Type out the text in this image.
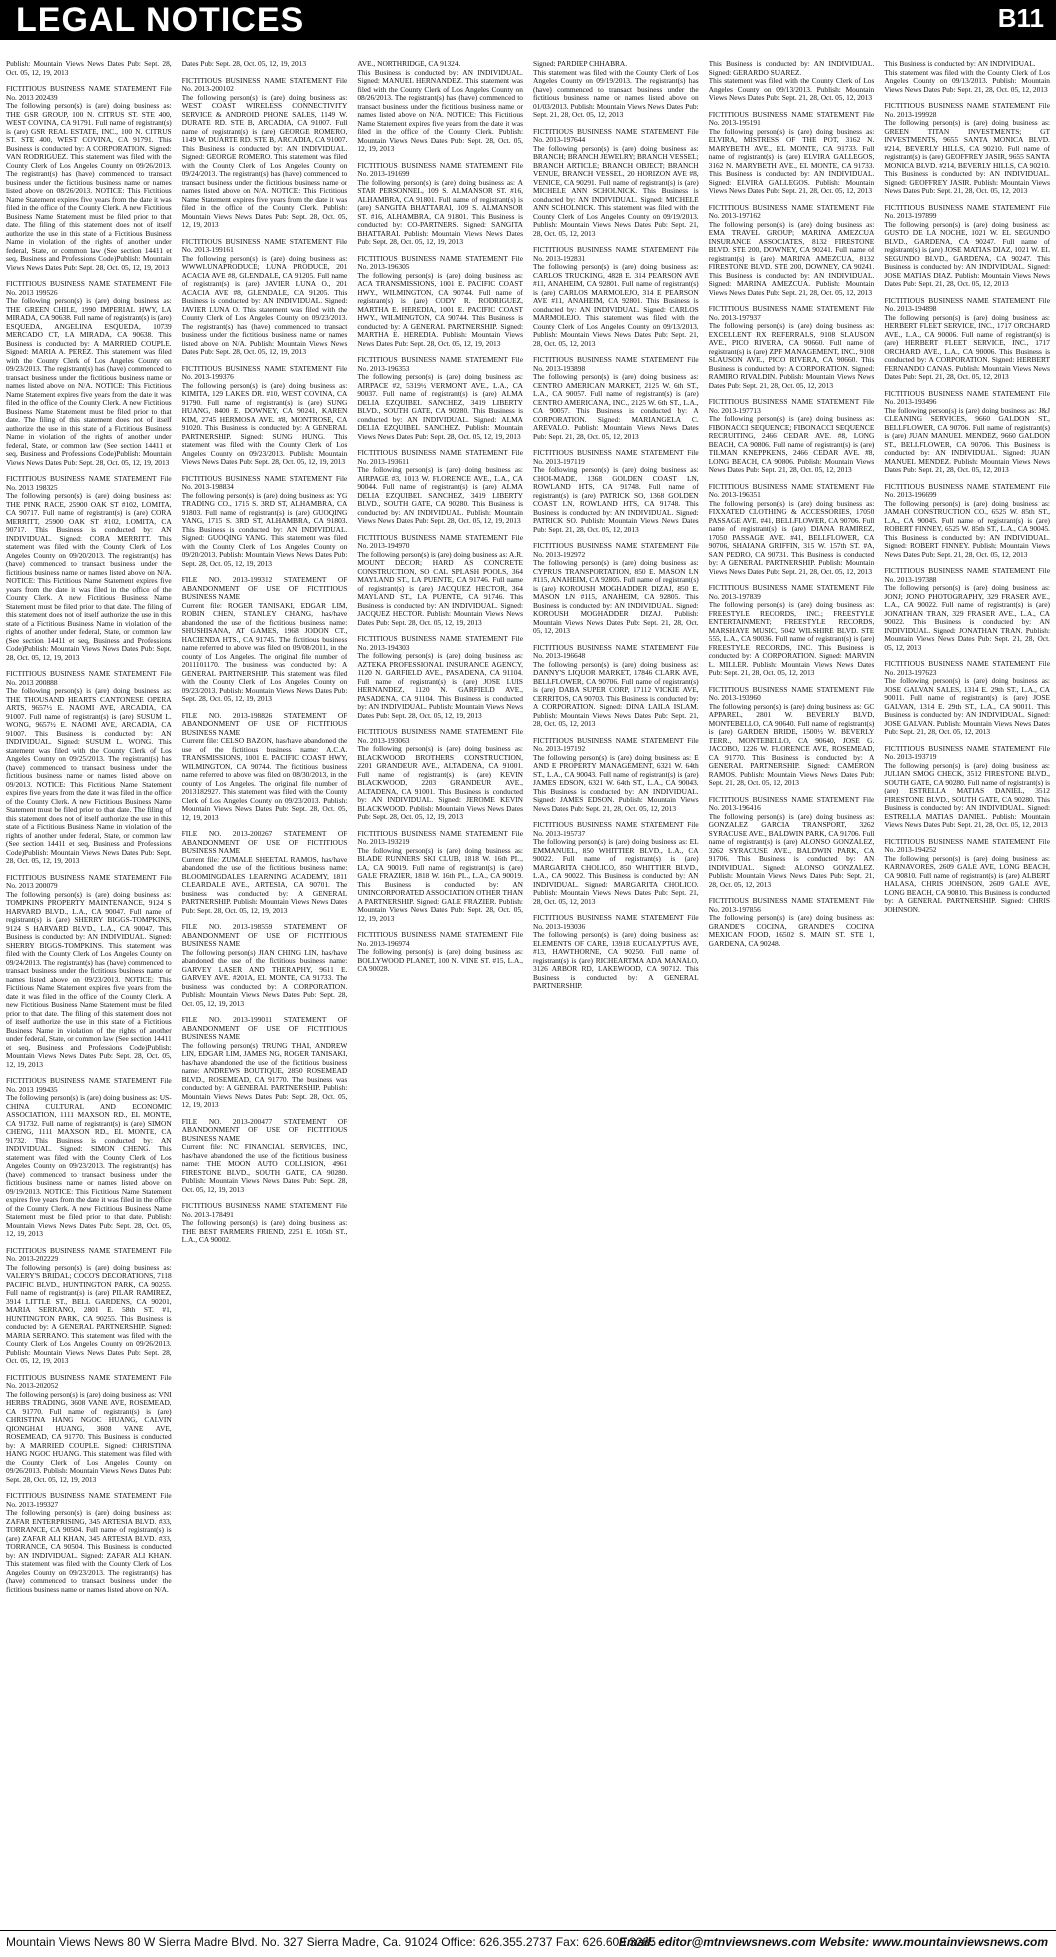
LEGAL NOTICES	B11
Mountain Views News Saturday, October 12, 2013
Publish: Mountain Views News Dates Pub: Sept. 28, Oct. 05, 12, 19, 2013
FICTITIOUS BUSINESS NAME STATEMENT File No. 2013 202439

The following person(s) is (are) doing business as: THE GSR GROUP, 100 N. CITRUS ST. STE 400, WEST COVINA, CA 91791. Full name of registrant(s) is (are) GSR REAL ESTATE, INC., 100 N. CITRUS ST. STE 400, WEST COVINA, CA 91791. This Business is conducted by: A CORPORATION. Signed: VAN RODRIGUEZ. This statement was filed with the County Clerk of Los Angeles County on 09/26/2013. The registrant(s) has (have) commenced to transact business under the fictitious business name or names listed above on 08/26/2013. NOTICE: This Fictitious Name Statement expires five years from the date it was filed in the office of the County Clerk. A new Fictitious Business Name Statement must be filed prior to that date. The filing of this statement does not of itself authorize the use in this state of a Fictitious Business Name in violation of the rights of another under federal, State, or common law (See section 14411 et seq, Business and Professions Code)Publish: Mountain Views News Dates Pub: Sept. 28, Oct. 05, 12, 19, 2013

FICTITIOUS BUSINESS NAME STATEMENT File No. 2013 199526

The following person(s) is (are) doing business as: THE GREEN CHILE, 1990 IMPERIAL HWY, LA MIRADA, CA 90638. Full name of registrant(s) is (are) ESQUEDA, ANGELINA ESQUEDA, 10739 MERCADO CT, LA MIRADA, CA 90638. This Business is conducted by: A MARRIED COUPLE. Signed: MARIA A. PEREZ. This statement was filed with the County Clerk of Los Angeles County on 09/23/2013. The registrant(s) has (have) commenced to transact business under the fictitious business name or names listed above on N/A. NOTICE: This Fictitious Name Statement expires five years from the date it was filed in the office of the County Clerk. A new Fictitious Business Name Statement must be filed prior to that date. The filing of this statement does not of itself authorize the use in this state of a Fictitious Business Name in violation of the rights of another under federal, State, or common law (See section 14411 et seq, Business and Professions Code)Publish: Mountain Views News Dates Pub: Sept. 28, Oct. 05, 12, 19, 2013

FICTITIOUS BUSINESS NAME STATEMENT File No. 2013 198325

The following person(s) is (are) doing business as: THE PINK RACE, 25900 OAK ST #102, LOMITA, CA 90717. Full name of registrant(s) is (are) CORA MERRITT, 25900 OAK ST #102, LOMITA, CA 90717. This Business is conducted by: AN INDIVIDUAL. Signed: CORA MERRITT. This statement was filed with the County Clerk of Los Angeles County on 09/20/2013. The registrant(s) has (have) commenced to transact business under the fictitious business name or names listed above on N/A. NOTICE: This Fictitious Name Statement expires five years from the date it was filed in the office of the County Clerk. A new Fictitious Business Name Statement must be filed prior to that date. The filing of this statement does not of itself authorize the use in this state of a Fictitious Business Name in violation of the rights of another under federal, State, or common law (See section 14411 et seq, Business and Professions Code)Publish: Mountain Views News Dates Pub: Sept. 28, Oct. 05, 12, 19, 2013

FICTITIOUS BUSINESS NAME STATEMENT File No. 2013 200888

The following person(s) is (are) doing business as: THE THOUSAND HEARTS CANTONESE OPERA ARTS, 9657½ E. NAOMI AVE, ARCADIA, CA 91007. Full name of registrant(s) is (are) SUSUM L. WONG, 9657½ E. NAOMI AVE, ARCADIA, CA 91007. This Business is conducted by: AN INDIVIDUAL. Signed: SUSUM L. WONG. This statement was filed with the County Clerk of Los Angeles County on 09/25/2013. The registrant(s) has (have) commenced to transact business under the fictitious business name or names listed above on 09/2013. NOTICE: This Fictitious Name Statement expires five years from the date it was filed in the office of the County Clerk. A new Fictitious Business Name Statement must be filed prior to that date. The filing of this statement does not of itself authorize the use in this state of a Fictitious Business Name in violation of the rights of another under federal, State, or common law (See section 14411 et seq, Business and Professions Code)Publish: Mountain Views News Dates Pub: Sept. 28, Oct. 05, 12, 19, 2013

FICTITIOUS BUSINESS NAME STATEMENT File No. 2013 200079

The following person(s) is (are) doing business as: TOMPKINS PROPERTY MAINTENANCE, 9124 S HARVARD BLVD., L.A., CA 90047. Full name of registrant(s) is (are) SHERRY BIGGS-TOMPKINS, 9124 S HARVARD BLVD., L.A., CA 90047. This Business is conducted by: AN INDIVIDUAL. Signed: SHERRY BIGGS-TOMPKINS. This statement was filed with the County Clerk of Los Angeles County on 09/24/2013. The registrant(s) has (have) commenced to transact business under the fictitious business name or names listed above on 09/23/2013. NOTICE: This Fictitious Name Statement expires five years from the date it was filed in the office of the County Clerk. A new Fictitious Business Name Statement must be filed prior to that date. The filing of this statement does not of itself authorize the use in this state of a Fictitious Business Name in violation of the rights of another under federal, State, or common law (See section 14411 et seq, Business and Professions Code)Publish: Mountain Views News Dates Pub: Sept. 28, Oct. 05, 12, 19, 2013

FICTITIOUS BUSINESS NAME STATEMENT File No. 2013 199435

The following person(s) is (are) doing business as: US-CHINA CULTURAL AND ECONOMIC ASSOCIATION, 1111 MAXSON RD., EL MONTE, CA 91732. Full name of registrant(s) is (are) SIMON CHENG, 1111 MAXSON RD., EL MONTE, CA 91732. This Business is conducted by: AN INDIVIDUAL. Signed: SIMON CHENG. This statement was filed with the County Clerk of Los Angeles County on 09/23/2013. The registrant(s) has (have) commenced to transact business under the fictitious business name or names listed above on 09/19/2013. NOTICE: This Fictitious Name Statement expires five years from the date it was filed in the office of the County Clerk. A new Fictitious Business Name Statement must be filed prior to that date. Publish: Mountain Views News Dates Pub: Sept. 28, Oct. 05, 12, 19, 2013

FICTITIOUS BUSINESS NAME STATEMENT File No. 2013-202229

The following person(s) is (are) doing business as: VALERY'S BRIDAL; COCO'S DECORATIONS, 7118 PACIFIC BLVD., HUNTINGTON PARK, CA 90255. Full name of registrant(s) is (are) PILAR RAMIREZ, 3914 LITTLE ST., BELL GARDENS, CA 90201, MARIA SERRANO, 2801 E. 58th ST. #1, HUNTINGTON PARK, CA 90255. This Business is conducted by: A GENERAL PARTNERSHIP. Signed: MARIA SERRANO. This statement was filed with the County Clerk of Los Angeles County on 09/26/2013. Publish: Mountain Views News Dates Pub: Sept. 28, Oct. 05, 12, 19, 2013

FICTITIOUS BUSINESS NAME STATEMENT File No. 2013-202052

The following person(s) is (are) doing business as: VNI HERBS TRADING, 3608 VANE AVE, ROSEMEAD, CA 91770. Full name of registrant(s) is (are) CHRISTINA HANG NGOC HUANG, CALVIN QIONGHAI HUANG, 3608 VANE AVE, ROSEMEAD, CA 91770. This Business is conducted by: A MARRIED COUPLE. Signed: CHRISTINA HANG NGOC HUANG. This statement was filed with the County Clerk of Los Angeles County on 09/26/2013. Publish: Mountain Views News Dates Pub: Sept. 28, Oct. 05, 12, 19, 2013

FICTITIOUS BUSINESS NAME STATEMENT File No. 2013-199327

The following person(s) is (are) doing business as: ZAFAR ENTERPRISING, 345 ARTESIA BLVD. #33, TORRANCE, CA 90504. Full name of registrant(s) is (are) ZAFAR ALI KHAN, 345 ARTESIA BLVD. #33, TORRANCE, CA 90504. This Business is conducted by: AN INDIVIDUAL. Signed: ZAFAR ALI KHAN. This statement was filed with the County Clerk of Los Angeles County on 09/23/2013. The registrant(s) has (have) commenced to transact business under the fictitious business name or names listed above on N/A.

Dates Pub: Sept. 28, Oct. 05, 12, 19, 2013
FICTITIOUS BUSINESS NAME STATEMENT File No. 2013-200102

The following person(s) is (are) doing business as: WEST COAST WIRELESS CONNECTIVITY SERVICE & ANDROID PHONE SALES, 1149 W. DURATE RD. STE B, ARCADIA, CA 91007. Full name of registrant(s) is (are) GEORGE ROMERO, 1149 W. DUARTE RD. STE B, ARCADIA, CA 91007. This Business is conducted by: AN INDIVIDUAL. Signed: GEORGE ROMERO. This statement was filed with the County Clerk of Los Angeles County on 09/24/2013. The registrant(s) has (have) commenced to transact business under the fictitious business name or names listed above on N/A. NOTICE: This Fictitious Name Statement expires five years from the date it was filed in the office of the County Clerk. Publish: Mountain Views News Dates Pub: Sept. 28, Oct. 05, 12, 19, 2013

FICTITIOUS BUSINESS NAME STATEMENT File No. 2013-199161

The following person(s) is (are) doing business as: WWWLUNAPRODUCE; LUNA PRODUCE, 201 ACACIA AVE #8, GLENDALE, CA 91205. Full name of registrant(s) is (are) JAVIER LUNA O., 201 ACACIA AVE #8, GLENDALE, CA 91205. This Business is conducted by: AN INDIVIDUAL. Signed: JAVIER LUNA O. This statement was filed with the County Clerk of Los Angeles County on 09/23/2013. The registrant(s) has (have) commenced to transact business under the fictitious business name or names listed above on N/A. Publish: Mountain Views News Dates Pub: Sept. 28, Oct. 05, 12, 19, 2013

FICTITIOUS BUSINESS NAME STATEMENT File No. 2013-199376

The following person(s) is (are) doing business as: KIMITA, 129 LAKES DR. #10, WEST COVINA, CA 91790. Full name of registrant(s) is (are) SUNG HUANG, 8400 E. DOWNEY, CA 90241, KAREN KIM, 2745 HERMOSA AVE. #8, MONTROSE, CA 91020. This Business is conducted by: A GENERAL PARTNERSHIP. Signed: SUNG HUNG. This statement was filed with the County Clerk of Los Angeles County on 09/23/2013. Publish: Mountain Views News Dates Pub: Sept. 28, Oct. 05, 12, 19, 2013

FICTITIOUS BUSINESS NAME STATEMENT File No. 2013-198834

The following person(s) is (are) doing business as: YG TRADING CO., 1715 S. 3RD ST, ALHAMBRA, CA 91803. Full name of registrant(s) is (are) GUOQING YANG, 1715 S. 3RD ST, ALHAMBRA, CA 91803. This Business is conducted by: AN INDIVIDUAL. Signed: GUOQING YANG. This statement was filed with the County Clerk of Los Angeles County on 09/20/2013. Publish: Mountain Views News Dates Pub: Sept. 28, Oct. 05, 12, 19, 2013

FILE NO. 2013-199312 STATEMENT OF ABANDONMENT OF USE OF FICTITIOUS BUSINESS NAME

Current file: ROGER TANISAKI, EDGAR LIM, ROBIN CHEN, STANLEY CHANG, has/have abandoned the use of the fictitious business name: SHUSHISANA, AT GAMES, 1968 JODON CT., HACIENDA HTS., CA 91745. The fictitious business name referred to above was filed on 09/08/2011, in the county of Los Angeles. The original file number of 2011101170. The business was conducted by: A GENERAL PARTNERSHIP. This statement was filed with the County Clerk of Los Angeles County on 09/23/2013. Publish: Mountain Views News Dates Pub: Sept. 28, Oct. 05, 12, 19, 2013

FILE NO. 2013-198826 STATEMENT OF ABANDONMENT OF USE OF FICTITIOUS BUSINESS NAME

Current file: CELSO BAZON, has/have abandoned the use of the fictitious business name: A.C.A. TRANSMISSIONS, 1001 E. PACIFIC COAST HWY, WILMINGTON, CA 90744. The fictitious business name referred to above was filed on 08/30/2013, in the county of Los Angeles. The original file number of 2013182927. This statement was filed with the County Clerk of Los Angeles County on 09/23/2013. Publish: Mountain Views News Dates Pub: Sept. 28, Oct. 05, 12, 19, 2013

FILE NO. 2013-200267 STATEMENT OF ABANDONMENT OF USE OF FICTITIOUS BUSINESS NAME

Current file: ZUMALE SHEETAL RAMOS, has/have abandoned the use of the fictitious business name: BLOOMINGDALES LEARNING ACADEMY, 1811 CLEARDALE AVE., ARTESIA, CA 90701. The business was conducted by: A GENERAL PARTNERSHIP. Publish: Mountain Views News Dates Pub: Sept. 28, Oct. 05, 12, 19, 2013

FILE NO. 2013-198559 STATEMENT OF ABANDONMENT OF USE OF FICTITIOUS BUSINESS NAME

The following person(s) JIAN CHING LIN, has/have abandoned the use of the fictitious business name: GARVEY LASER AND THERAPHY, 9611 E. GARVEY AVE. #201A, EL MONTE, CA 91733. The business was conducted by: A CORPORATION. Publish: Mountain Views News Dates Pub: Sept. 28, Oct. 05, 12, 19, 2013

FILE NO. 2013-199011 STATEMENT OF ABANDONMENT OF USE OF FICTITIOUS BUSINESS NAME

The following person(s) TRUNG THAI, ANDREW LIN, EDGAR LIM, JAMES NG, ROGER TANISAKI, has/have abandoned the use of the fictitious business name: ANDREWS BOUTIQUE, 2850 ROSEMEAD BLVD., ROSEMEAD, CA 91770. The business was conducted by: A GENERAL PARTNERSHIP. Publish: Mountain Views News Dates Pub: Sept. 28, Oct. 05, 12, 19, 2013

FILE NO. 2013-200477 STATEMENT OF ABANDONMENT OF USE OF FICTITIOUS BUSINESS NAME

Current file: NC FINANCIAL SERVICES, INC, has/have abandoned the use of the fictitious business name: THE MOON AUTO COLLISION, 4961 FIRESTONE BLVD., SOUTH GATE, CA 90280. Publish: Mountain Views News Dates Pub: Sept. 28, Oct. 05, 12, 19, 2013

FICTITIOUS BUSINESS NAME STATEMENT File No. 2013-178491

The following person(s) is (are) doing business as: THE BEST FARMERS FRIEND, 2251 E. 105th ST., L.A., CA 90002.

AVE., NORTHRIDGE, CA 91324.

This Business is conducted by: AN INDIVIDUAL. Signed: MANUEL HERNANDEZ. This statement was filed with the County Clerk of Los Angeles County on 08/26/2013. The registrant(s) has (have) commenced to transact business under the fictitious business name or names listed above on N/A. NOTICE: This Fictitious Name Statement expires five years from the date it was filed in the office of the County Clerk. Publish: Mountain Views News Dates Pub: Sept. 28, Oct. 05, 12, 19, 2013

FICTITIOUS BUSINESS NAME STATEMENT File No. 2013-191699

The following person(s) is (are) doing business as: A STAR PERSONNEL, 109 S. ALMANSOR ST. #16, ALHAMBRA, CA 91801. Full name of registrant(s) is (are) SANGITA BHATTARAI, 109 S. ALMANSOR ST. #16, ALHAMBRA, CA 91801. This Business is conducted by: CO-PARTNERS. Signed: SANGITA BHATTARAI. Publish: Mountain Views News Dates Pub: Sept. 28, Oct. 05, 12, 19, 2013

FICTITIOUS BUSINESS NAME STATEMENT File No. 2013-196305

The following person(s) is (are) doing business as: ACA TRANSMISSIONS, 1001 E. PACIFIC COAST HWY., WILMINGTON, CA 90744. Full name of registrant(s) is (are) CODY R. RODRIGUEZ, MARTHA E. HEREDIA, 1001 E. PACIFIC COAST HWY., WILMINGTON, CA 90744. This Business is conducted by: A GENERAL PARTNERSHIP. Signed: MARTHA E. HEREDIA. Publish: Mountain Views News Dates Pub: Sept. 28, Oct. 05, 12, 19, 2013

FICTITIOUS BUSINESS NAME STATEMENT File No. 2013-196353

The following person(s) is (are) doing business as: AIRPACE #2, 5319½ VERMONT AVE., L.A., CA 90037. Full name of registrant(s) is (are) ALMA DELIA EZQUIBEL SANCHEZ, 3419 LIBERTY BLVD., SOUTH GATE, CA 90280. This Business is conducted by: AN INDIVIDUAL. Signed: ALMA DELIA EZQUIBEL SANCHEZ. Publish: Mountain Views News Dates Pub: Sept. 28, Oct. 05, 12, 19, 2013

FICTITIOUS BUSINESS NAME STATEMENT File No. 2013-193611

The following person(s) is (are) doing business as: AIRPAGE #3, 1013 W. FLORENCE AVE., L.A., CA 90044. Full name of registrant(s) is (are) ALMA DELIA EZQUIBEL SANCHEZ, 3419 LIBERTY BLVD., SOUTH GATE, CA 90280. This Business is conducted by: AN INDIVIDUAL. Publish: Mountain Views News Dates Pub: Sept. 28, Oct. 05, 12, 19, 2013

FICTITIOUS BUSINESS NAME STATEMENT File No. 2013-194970

The following person(s) is (are) doing business as: A.R. MOUNT DECOR; HARD AS CONCRETE CONSTRUCTION, SO CAL SPLASH POOLS, 364 MAYLAND ST., LA PUENTE, CA 91746. Full name of registrant(s) is (are) JACQUEZ HECTOR, 364 MAYLAND ST., LA PUENTE, CA 91746. This Business is conducted by: AN INDIVIDUAL. Signed: JACQUEZ HECTOR. Publish: Mountain Views News Dates Pub: Sept. 28, Oct. 05, 12, 19, 2013

FICTITIOUS BUSINESS NAME STATEMENT File No. 2013-194303

The following person(s) is (are) doing business as: AZTEKA PROFESSIONAL INSURANCE AGENCY, 1120 N. GARFIELD AVE., PASADENA, CA 91104. Full name of registrant(s) is (are) JOSE LUIS HERNANDEZ, 1120 N. GARFIELD AVE., PASADENA, CA 91104. This Business is conducted by: AN INDIVIDUAL. Publish: Mountain Views News Dates Pub: Sept. 28, Oct. 05, 12, 19, 2013

FICTITIOUS BUSINESS NAME STATEMENT File No. 2013-193063

The following person(s) is (are) doing business as: BLACKWOOD BROTHERS CONSTRUCTION, 2201 GRANDEUR AVE., ALTADENA, CA 91001. Full name of registrant(s) is (are) KEVIN BLACKWOOD, 2203 GRANDEUR AVE., ALTADENA, CA 91001. This Business is conducted by: AN INDIVIDUAL. Signed: JEROME KEVIN BLACKWOOD. Publish: Mountain Views News Dates Pub: Sept. 28, Oct. 05, 12, 19, 2013

FICTITIOUS BUSINESS NAME STATEMENT File No. 2013-193219

The following person(s) is (are) doing business as: BLADE RUNNERS SKI CLUB, 1818 W. 16th PL., LA, CA 90019. Full name of registrant(s) is (are) GALE FRAZIER, 1818 W. 16th PL., L.A., CA 90019. This Business is conducted by: AN UNINCORPORATED ASSOCIATION OTHER THAN A PARTNERSHIP. Signed: GALE FRAZIER. Publish: Mountain Views News Dates Pub: Sept. 28, Oct. 05, 12, 19, 2013

FICTITIOUS BUSINESS NAME STATEMENT File No. 2013-196974

The following person(s) is (are) doing business as: BOLLYWOOD PLANET, 100 N. VINE ST. #15, L.A., CA 90028.

Signed: PARDIEP CHHABRA.

This statement was filed with the County Clerk of Los Angeles County on 09/19/2013. The registrant(s) has (have) commenced to transact business under the fictitious business name or names listed above on 01/03/2013. Publish: Mountain Views News Dates Pub: Sept. 21, 28, Oct. 05, 12, 2013

FICTITIOUS BUSINESS NAME STATEMENT File No. 2013-197644

The following person(s) is (are) doing business as: BRANCH; BRANCH JEWELRY; BRANCH VESSEL; BRANCH ARTICLE; BRANCH OBJECT; BRANCH VENUE, BRANCH VESSEL, 20 HORIZON AVE #8, VENICE, CA 90291. Full name of registrant(s) is (are) MICHELE ANN SCHOLNICK. This Business is conducted by: AN INDIVIDUAL. Signed: MICHELE ANN SCHOLNICK. This statement was filed with the County Clerk of Los Angeles County on 09/19/2013. Publish: Mountain Views News Dates Pub: Sept. 21, 28, Oct. 05, 12, 2013

FICTITIOUS BUSINESS NAME STATEMENT File No. 2013-192831

The following person(s) is (are) doing business as: CARLOS TRUCKING, 4828 E. 314 PEARSON AVE #11, ANAHEIM, CA 92801. Full name of registrant(s) is (are) CARLOS MARMOLEJO, 314 E PEARSON AVE #11, ANAHEIM, CA 92801. This Business is conducted by: AN INDIVIDUAL. Signed: CARLOS MARMOLEJO. This statement was filed with the County Clerk of Los Angeles County on 09/13/2013. Publish: Mountain Views News Dates Pub: Sept. 21, 28, Oct. 05, 12, 2013

FICTITIOUS BUSINESS NAME STATEMENT File No. 2013-193898

The following person(s) is (are) doing business as: CENTRO AMERICAN MARKET, 2125 W. 6th ST., L.A., CA 90057. Full name of registrant(s) is (are) CENTRO AMERICANA, INC., 2125 W. 6th ST., L.A., CA 90057. This Business is conducted by: A CORPORATION. Signed: MARIANGELA C. AREVALO. Publish: Mountain Views News Dates Pub: Sept. 21, 28, Oct. 05, 12, 2013

FICTITIOUS BUSINESS NAME STATEMENT File No. 2013-197119

The following person(s) is (are) doing business as: CHOI-MADE, 1368 GOLDEN COAST LN, ROWLAND HTS, CA 91748. Full name of registrant(s) is (are) PATRICK SO, 1368 GOLDEN COAST LN, ROWLAND HTS, CA 91748. This Business is conducted by: AN INDIVIDUAL. Signed: PATRICK SO. Publish: Mountain Views News Dates Pub: Sept. 21, 28, Oct. 05, 12, 2013

FICTITIOUS BUSINESS NAME STATEMENT File No. 2013-192972

The following person(s) is (are) doing business as: CYPRUS TRANSPORTATION, 850 E. MASON LN #115, ANAHEIM, CA 92805. Full name of registrant(s) is (are) KOROUSH MOGHADDER DIZAJ, 850 E. MASON LN #115, ANAHEIM, CA 92805. This Business is conducted by: AN INDIVIDUAL. Signed: KOROUSH MOGHADDER DIZAJ. Publish: Mountain Views News Dates Pub: Sept. 21, 28, Oct. 05, 12, 2013

FICTITIOUS BUSINESS NAME STATEMENT File No. 2013-196648

The following person(s) is (are) doing business as: DANNY'S LIQUOR MARKET, 17846 CLARK AVE, BELLFLOWER, CA 90706. Full name of registrant(s) is (are) DABA SUPER CORP, 17112 VICKIE AVE, CERRITOS, CA 90703. This Business is conducted by: A CORPORATION. Signed: DINA LAILA ISLAM. Publish: Mountain Views News Dates Pub: Sept. 21, 28, Oct. 05, 12, 2013

FICTITIOUS BUSINESS NAME STATEMENT File No. 2013-197192

The following person(s) is (are) doing business as: E AND E PROPERTY MANAGEMENT, 6321 W. 64th ST., L.A., CA 90043. Full name of registrant(s) is (are) JAMES EDSON, 6321 W. 64th ST., L.A., CA 90043. This Business is conducted by: AN INDIVIDUAL. Signed: JAMES EDSON. Publish: Mountain Views News Dates Pub: Sept. 21, 28, Oct. 05, 12, 2013

FICTITIOUS BUSINESS NAME STATEMENT File No. 2013-195737

The following person(s) is (are) doing business as: EL EMMANUEL, 850 WHITTIER BLVD., L.A., CA 90022. Full name of registrant(s) is (are) MARGARITA CHOLICO, 850 WHITTIER BLVD., L.A., CA 90022. This Business is conducted by: AN INDIVIDUAL. Signed: MARGARITA CHOLICO. Publish: Mountain Views News Dates Pub: Sept. 21, 28, Oct. 05, 12, 2013

FICTITIOUS BUSINESS NAME STATEMENT File No. 2013-193036

The following person(s) is (are) doing business as: ELEMENTS OF CARE, 13918 EUCALYPTUS AVE, #13, HAWTHORNE, CA 90250. Full name of registrant(s) is (are) RICHEARTMA ADA MANALO, 3126 ARBOR RD, LAKEWOOD, CA 90712. This Business is conducted by: A GENERAL PARTNERSHIP.

This Business is conducted by: AN INDIVIDUAL. Signed: GERARDO SUAREZ.

This statement was filed with the County Clerk of Los Angeles County on 09/13/2013. Publish: Mountain Views News Dates Pub: Sept. 21, 28, Oct. 05, 12, 2013

FICTITIOUS BUSINESS NAME STATEMENT File No. 2013-195191

The following person(s) is (are) doing business as: ELVIRA, MISTRESS OF THE POT, 3162 N. MARYBETH AVE., EL MONTE, CA 91733. Full name of registrant(s) is (are) ELVIRA GALLEGOS, 3162 N. MARYBETH AVE., EL MONTE, CA 91733. This Business is conducted by: AN INDIVIDUAL. Signed: ELVIRA GALLEGOS. Publish: Mountain Views News Dates Pub: Sept. 21, 28, Oct. 05, 12, 2013

FICTITIOUS BUSINESS NAME STATEMENT File No. 2013-197162

The following person(s) is (are) doing business as: EMA TRAVEL GROUP; MARINA AMEZCUA INSURANCE ASSOCIATES, 8132 FIRESTONE BLVD. STE 200, DOWNEY, CA 90241. Full name of registrant(s) is (are) MARINA AMEZCUA, 8132 FIRESTONE BLVD. STE 200, DOWNEY, CA 90241. This Business is conducted by: AN INDIVIDUAL. Signed: MARINA AMEZCUA. Publish: Mountain Views News Dates Pub: Sept. 21, 28, Oct. 05, 12, 2013

FICTITIOUS BUSINESS NAME STATEMENT File No. 2013-197937

The following person(s) is (are) doing business as: EXCELLENT RX REFERRALS, 9108 SLAUSON AVE., PICO RIVERA, CA 90660. Full name of registrant(s) is (are) ZPF MANAGEMENT, INC., 9108 SLAUSON AVE., PICO RIVERA, CA 90660. This Business is conducted by: A CORPORATION. Signed: RAMIRO RIVALDIN. Publish: Mountain Views News Dates Pub: Sept. 21, 28, Oct. 05, 12, 2013

FICTITIOUS BUSINESS NAME STATEMENT File No. 2013-197713

The following person(s) is (are) doing business as: FIBONACCI SEQUENCE; FIBONACCI SEQUENCE RECRUITING, 2466 CEDAR AVE. #8, LONG BEACH, CA 90806. Full name of registrant(s) is (are) TILMAN KNEPPKENS, 2466 CEDAR AVE. #8, LONG BEACH, CA 90806. Publish: Mountain Views News Dates Pub: Sept. 21, 28, Oct. 05, 12, 2013

FICTITIOUS BUSINESS NAME STATEMENT File No. 2013-196351

The following person(s) is (are) doing business as: FIXXATED CLOTHING & ACCESSORIES, 17050 PASSAGE AVE. #41, BELLFLOWER, CA 90706. Full name of registrant(s) is (are) DIANA RAMIREZ, 17050 PASSAGE AVE. #41, BELLFLOWER, CA 90706, SHAIANA GRIFFIN, 315 W. 157th ST. #A, SAN PEDRO, CA 90731. This Business is conducted by: A GENERAL PARTNERSHIP. Publish: Mountain Views News Dates Pub: Sept. 21, 28, Oct. 05, 12, 2013

FICTITIOUS BUSINESS NAME STATEMENT File No. 2013-197839

The following person(s) is (are) doing business as: FREESTYLE RECORDS, INC.; FREESTYLE ENTERTAINMENT; FREESTYLE RECORDS, MARSHAYE MUSIC, 5042 WILSHIRE BLVD. STE 555, L.A., CA 90036. Full name of registrant(s) is (are) FREESTYLE RECORDS, INC. This Business is conducted by: A CORPORATION. Signed: MARVIN L. MILLER. Publish: Mountain Views News Dates Pub: Sept. 21, 28, Oct. 05, 12, 2013

FICTITIOUS BUSINESS NAME STATEMENT File No. 2013-193960

The following person(s) is (are) doing business as: GC APPAREL, 2801 W. BEVERLY BLVD, MONTEBELLO, CA 90640. Full name of registrant(s) is (are) GARDEN BRIDE, 1500½ W. BEVERLY TERR., MONTEBELLO, CA 90640, JOSE G. JACOBO, 1226 W. FLORENCE AVE, ROSEMEAD, CA 91770. This Business is conducted by: A GENERAL PARTNERSHIP. Signed: CAMERON RAMOS. Publish: Mountain Views News Dates Pub: Sept. 21, 28, Oct. 05, 12, 2013

FICTITIOUS BUSINESS NAME STATEMENT File No. 2013-196416

The following person(s) is (are) doing business as: GONZALEZ GARCIA TRANSPORT, 3262 SYRACUSE AVE., BALDWIN PARK, CA 91706. Full name of registrant(s) is (are) ALONSO GONZALEZ, 3262 SYRACUSE AVE., BALDWIN PARK, CA 91706. This Business is conducted by: AN INDIVIDUAL. Signed: ALONSO GONZALEZ. Publish: Mountain Views News Dates Pub: Sept. 21, 28, Oct. 05, 12, 2013

FICTITIOUS BUSINESS NAME STATEMENT File No. 2013-197856

The following person(s) is (are) doing business as: GRANDE'S COCINA, GRANDE'S COCINA MEXICAN FOOD, 16502 S. MAIN ST. STE 1, GARDENA, CA 90248.

This Business is conducted by: AN INDIVIDUAL.

This statement was filed with the County Clerk of Los Angeles County on 09/13/2013. Publish: Mountain Views News Dates Pub: Sept. 21, 28, Oct. 05, 12, 2013

FICTITIOUS BUSINESS NAME STATEMENT File No. 2013-199928

The following person(s) is (are) doing business as: GREEN TITAN INVESTMENTS; GT INVESTMENTS, 9655 SANTA MONICA BLVD. #214, BEVERLY HILLS, CA 90210. Full name of registrant(s) is (are) GEOFFREY JASIR, 9655 SANTA MONICA BLVD. #214, BEVERLY HILLS, CA 90210. This Business is conducted by: AN INDIVIDUAL. Signed: GEOFFREY JASIR. Publish: Mountain Views News Dates Pub: Sept. 21, 28, Oct. 05, 12, 2013

FICTITIOUS BUSINESS NAME STATEMENT File No. 2013-197899

The following person(s) is (are) doing business as: GUSTO DE LA NOCHE, 1021 W. EL SEGUNDO BLVD., GARDENA, CA 90247. Full name of registrant(s) is (are) JOSE MATIAS DIAZ, 1021 W. EL SEGUNDO BLVD., GARDENA, CA 90247. This Business is conducted by: AN INDIVIDUAL. Signed: JOSE MATIAS DIAZ. Publish: Mountain Views News Dates Pub: Sept. 21, 28, Oct. 05, 12, 2013

FICTITIOUS BUSINESS NAME STATEMENT File No. 2013-194898

The following person(s) is (are) doing business as: HERBERT FLEET SERVICE, INC., 1717 ORCHARD AVE., L.A., CA 90006. Full name of registrant(s) is (are) HERBERT FLEET SERVICE, INC., 1717 ORCHARD AVE., L.A., CA 90006. This Business is conducted by: A CORPORATION. Signed: HERBERT FERNANDO CANAS. Publish: Mountain Views News Dates Pub: Sept. 21, 28, Oct. 05, 12, 2013

FICTITIOUS BUSINESS NAME STATEMENT File No. 2013-193496

The following person(s) is (are) doing business as: J&J CLEANING SERVICES, 9660 GALDON ST., BELLFLOWER, CA 90706. Full name of registrant(s) is (are) JUAN MANUEL MENDEZ, 9660 GALDON ST., BELLFLOWER, CA 90706. This Business is conducted by: AN INDIVIDUAL. Signed: JUAN MANUEL MENDEZ. Publish: Mountain Views News Dates Pub: Sept. 21, 28, Oct. 05, 12, 2013

FICTITIOUS BUSINESS NAME STATEMENT File No. 2013-196699

The following person(s) is (are) doing business as: JAMAH CONSTRUCTION CO., 6525 W. 85th ST., L.A., CA 90045. Full name of registrant(s) is (are) ROBERT FINNEY, 6525 W. 85th ST., L.A., CA 90045. This Business is conducted by: AN INDIVIDUAL. Signed: ROBERT FINNEY. Publish: Mountain Views News Dates Pub: Sept. 21, 28, Oct. 05, 12, 2013

FICTITIOUS BUSINESS NAME STATEMENT File No. 2013-197388

The following person(s) is (are) doing business as: JONJ; JONO PHOTOGRAPHY, 329 FRASER AVE., L.A., CA 90022. Full name of registrant(s) is (are) JONATHAN TRAN, 329 FRASER AVE., L.A., CA 90022. This Business is conducted by: AN INDIVIDUAL. Signed: JONATHAN TRAN. Publish: Mountain Views News Dates Pub: Sept. 21, 28, Oct. 05, 12, 2013

FICTITIOUS BUSINESS NAME STATEMENT File No. 2013-197623

The following person(s) is (are) doing business as: JOSE GALVAN SALES, 1314 E. 29th ST., L.A., CA 90011. Full name of registrant(s) is (are) JOSE GALVAN, 1314 E. 29th ST., L.A., CA 90011. This Business is conducted by: AN INDIVIDUAL. Signed: JOSE GALVAN. Publish: Mountain Views News Dates Pub: Sept. 21, 28, Oct. 05, 12, 2013

FICTITIOUS BUSINESS NAME STATEMENT File No. 2013-193719

The following person(s) is (are) doing business as: JULIAN SMOG CHECK, 3512 FIRESTONE BLVD., SOUTH GATE, CA 90280. Full name of registrant(s) is (are) ESTRELLA MATIAS DANIEL, 3512 FIRESTONE BLVD., SOUTH GATE, CA 90280. This Business is conducted by: AN INDIVIDUAL. Signed: ESTRELLA MATIAS DANIEL. Publish: Mountain Views News Dates Pub: Sept. 21, 28, Oct. 05, 12, 2013

FICTITIOUS BUSINESS NAME STATEMENT File No. 2013-194252

The following person(s) is (are) doing business as: KARNAVORES, 2609 GALE AVE, LONG BEACH, CA 90810. Full name of registrant(s) is (are) ALBERT HALASA, CHRIS JOHNSON, 2609 GALE AVE, LONG BEACH, CA 90810. This Business is conducted by: A GENERAL PARTNERSHIP. Signed: CHRIS JOHNSON.

Mountain Views News 80 W Sierra Madre Blvd. No. 327 Sierra Madre, Ca. 91024 Office: 626.355.2737 Fax: 626.609.3285
Email: editor@mtnviewsnews.com Website: www.mountainviewsnews.com
